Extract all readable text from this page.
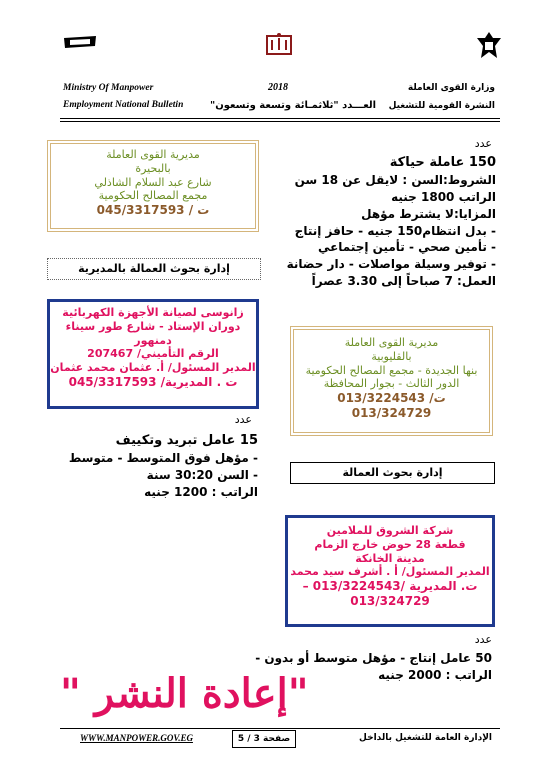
Ministry Of Manpower
Employment National Bulletin
2018
العـــدد "ثلاثمـائة وتسعة وتسعون"
وزارة القوى العاملة
النشرة القومية للتشغيل
مديرية القوى العاملة
بالبحيرة
شارع عبد السلام الشاذلي
مجمع المصالح الحكومية
ت / 045/3317593
إدارة بحوث العمالة بالمديرية
زانوسى لصيانة الأجهزة الكهربائية
دوران الإستاد - شارع طور سيناء
دمنهور
الرقم التأميني/ 207467
المدير المسئول/ أ. عثمان محمد عثمان
ت . المديرية/ 045/3317593
عدد
15 عامل تبريد وتكييف
- مؤهل فوق المتوسط - متوسط
- السن 30:20 سنة
الراتب : 1200 جنيه
عدد
150 عاملة حياكة
الشروط:السن : لايقل عن 18 سن
الراتب 1800 جنيه
المزايا:لا يشترط مؤهل
- بدل انتظام150 جنيه - حافز إنتاج
- تأمين صحي - تأمين إجتماعي
- توفير وسيلة مواصلات - دار حضانة
العمل: 7 صباحاً إلى 3.30 عصراً
مديرية القوى العاملة
بالقليوبية
بنها الجديدة - مجمع المصالح الحكومية
الدور الثالث - بجوار المحافظة
ت/ 013/3224543
013/324729
إدارة بحوث العمالة
شركة الشروق للملامين
قطعة 28 حوض خارج الزمام
مدينة الخانكة
المدير المسئول/ أ . أشرف سيد محمد
ت. المديرية /013/3224543 –
013/324729
عدد
50 عامل إنتاج - مؤهل متوسط أو بدون -
الراتب : 2000 جنيه
"إعادة النشر "
WWW.MANPOWER.GOV.EG	صفحة 3 / 5	الإدارة العامة للتشغيل بالداخل
